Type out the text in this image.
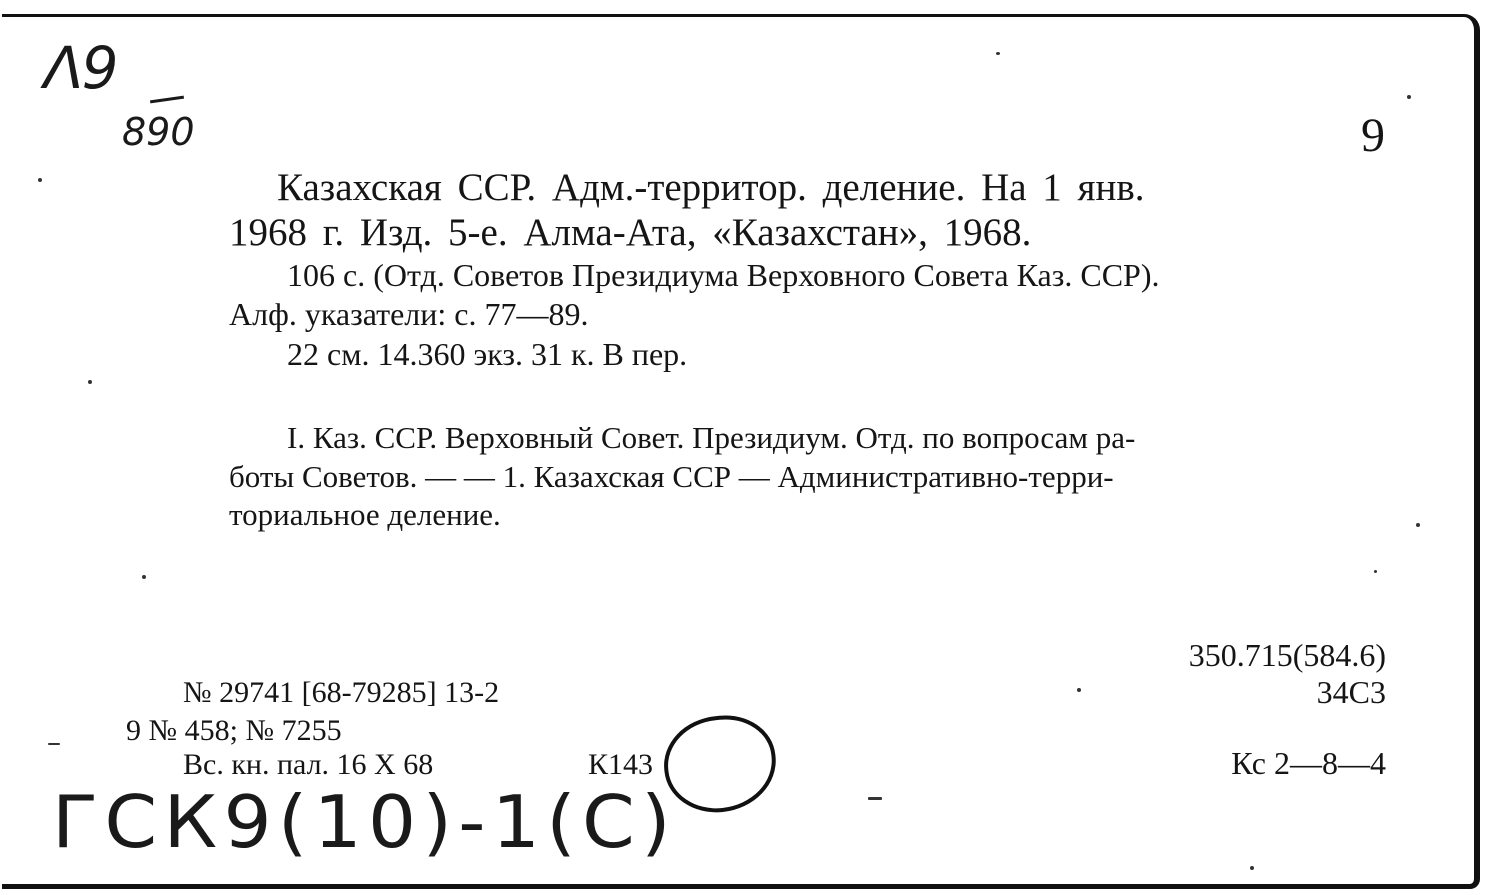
Λ9
890	9
Казахская ССР. Адм.-территор. деление. На 1 янв.
1968 г. Изд. 5-е. Алма-Ата, «Казахстан», 1968.
106 с. (Отд. Советов Президиума Верховного Совета Каз. ССР).
Алф. указатели: с. 77—89.
22 см. 14.360 экз. 31 к. В пер.
I. Каз. ССР. Верховный Совет. Президиум. Отд. по вопросам ра-
боты Советов. — — 1. Казахская ССР — Административно-терри-
ториальное деление.
№ 29741 [68-79285] 13-2
9 № 458; № 7255
Вс. кн. пал. 16 X 68	К143
350.715(584.6)
34С3
Кс 2—8—4
ГСК9(10)-1(С)
